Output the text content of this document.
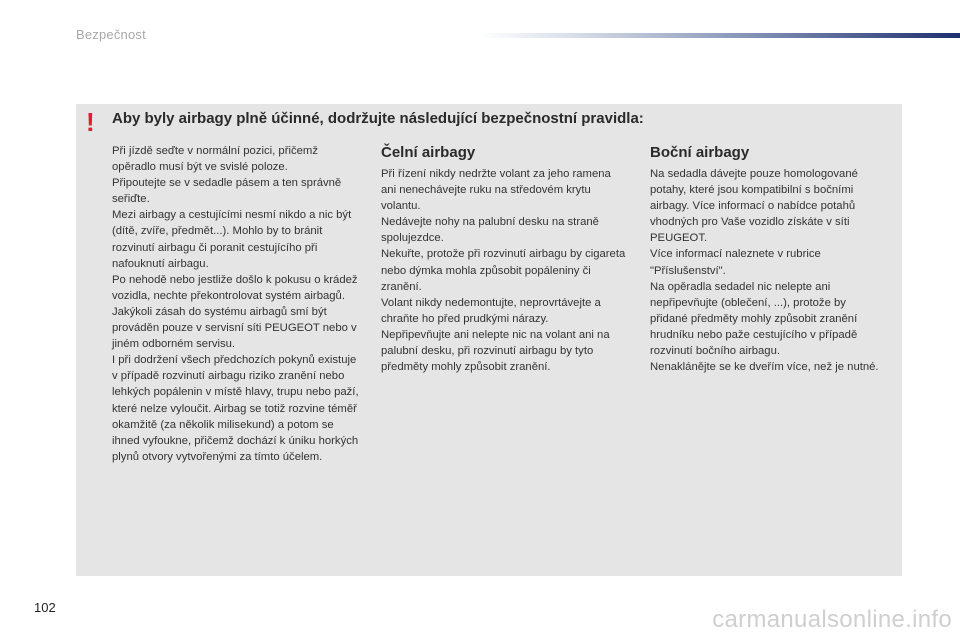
Bezpečnost
! Aby byly airbagy plně účinné, dodržujte následující bezpečnostní pravidla:

Při jízdě seďte v normální pozici, přičemž opěradlo musí být ve svislé poloze.

Připoutejte se v sedadle pásem a ten správně seřiďte.

Mezi airbagy a cestujícími nesmí nikdo a nic být (dítě, zvíře, předmět...). Mohlo by to bránit rozvinutí airbagu či poranit cestujícího při nafouknutí airbagu.

Po nehodě nebo jestliže došlo k pokusu o krádež vozidla, nechte překontrolovat systém airbagů.

Jakýkoli zásah do systému airbagů smí být prováděn pouze v servisní síti PEUGEOT nebo v jiném odborném servisu.

I při dodržení všech předchozích pokynů existuje v případě rozvinutí airbagu riziko zranění nebo lehkých popálenin v místě hlavy, trupu nebo paží, které nelze vyloučit. Airbag se totiž rozvine téměř okamžitě (za několik milisekund) a potom se ihned vyfoukne, přičemž dochází k úniku horkých plynů otvory vytvořenými za tímto účelem.

Čelní airbagy

Při řízení nikdy nedržte volant za jeho ramena ani nenechávejte ruku na středovém krytu volantu.

Nedávejte nohy na palubní desku na straně spolujezdce.

Nekuřte, protože při rozvinutí airbagu by cigareta nebo dýmka mohla způsobit popáleniny či zranění.

Volant nikdy nedemontujte, neprovrtávejte a chraňte ho před prudkými nárazy.

Nepřipevňujte ani nelepte nic na volant ani na palubní desku, při rozvinutí airbagu by tyto předměty mohly způsobit zranění.

Boční airbagy

Na sedadla dávejte pouze homologované potahy, které jsou kompatibilní s bočními airbagy. Více informací o nabídce potahů vhodných pro Vaše vozidlo získáte v síti PEUGEOT.

Více informací naleznete v rubrice "Příslušenství".

Na opěradla sedadel nic nelepte ani nepřipevňujte (oblečení, ...), protože by přidané předměty mohly způsobit zranění hrudníku nebo paže cestujícího v případě rozvinutí bočního airbagu.

Nenaklánějte se ke dveřím více, než je nutné.

102	carmanualsonline.info
